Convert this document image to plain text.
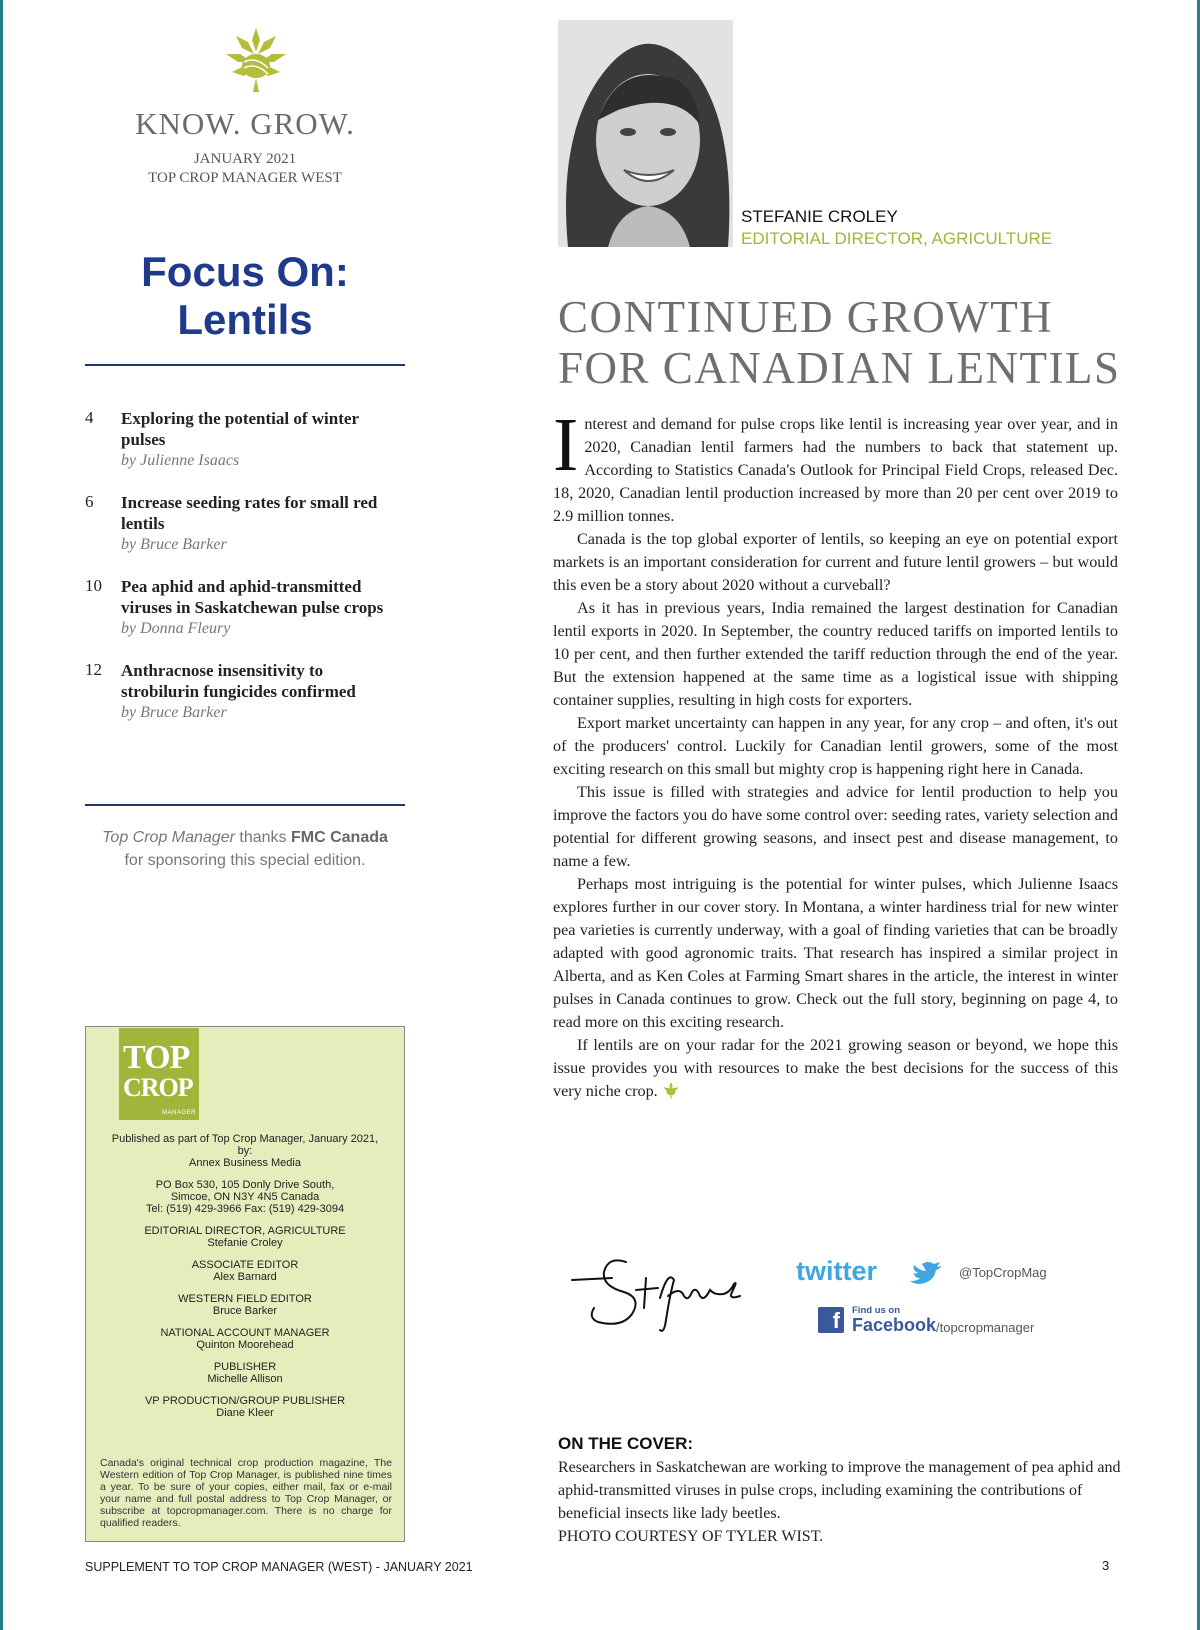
KNOW. GROW.
JANUARY 2021
TOP CROP MANAGER WEST
Focus On:
Lentils
4 Exploring the potential of winter pulses
by Julienne Isaacs
6 Increase seeding rates for small red lentils
by Bruce Barker
10 Pea aphid and aphid-transmitted viruses in Saskatchewan pulse crops
by Donna Fleury
12 Anthracnose insensitivity to strobilurin fungicides confirmed
by Bruce Barker
Top Crop Manager thanks FMC Canada
for sponsoring this special edition.
TOP
CROP
MANAGER
Published as part of Top Crop Manager, January 2021,
by:
Annex Business Media
PO Box 530, 105 Donly Drive South,
Simcoe, ON N3Y 4N5 Canada
Tel: (519) 429-3966 Fax: (519) 429-3094
EDITORIAL DIRECTOR, AGRICULTURE
Stefanie Croley
ASSOCIATE EDITOR
Alex Barnard
WESTERN FIELD EDITOR
Bruce Barker
NATIONAL ACCOUNT MANAGER
Quinton Moorehead
PUBLISHER
Michelle Allison
VP PRODUCTION/GROUP PUBLISHER
Diane Kleer
Canada's original technical crop production magazine, The Western edition of Top Crop Manager, is published nine times a year. To be sure of your copies, either mail, fax or e-mail your name and full postal address to Top Crop Manager, or subscribe at topcropmanager.com. There is no charge for qualified readers.
SUPPLEMENT TO TOP CROP MANAGER (WEST) - JANUARY 2021	3
STEFANIE CROLEY
EDITORIAL DIRECTOR, AGRICULTURE
CONTINUED GROWTH
FOR CANADIAN LENTILS

Interest and demand for pulse crops like lentil is increasing year over year, and in 2020, Canadian lentil farmers had the numbers to back that statement up. According to Statistics Canada's Outlook for Principal Field Crops, released Dec. 18, 2020, Canadian lentil production increased by more than 20 per cent over 2019 to 2.9 million tonnes.

Canada is the top global exporter of lentils, so keeping an eye on potential export markets is an important consideration for current and future lentil growers – but would this even be a story about 2020 without a curveball?

As it has in previous years, India remained the largest destination for Canadian lentil exports in 2020. In September, the country reduced tariffs on imported lentils to 10 per cent, and then further extended the tariff reduction through the end of the year. But the extension happened at the same time as a logistical issue with shipping container supplies, resulting in high costs for exporters.

Export market uncertainty can happen in any year, for any crop – and often, it's out of the producers' control. Luckily for Canadian lentil growers, some of the most exciting research on this small but mighty crop is happening right here in Canada.

This issue is filled with strategies and advice for lentil production to help you improve the factors you do have some control over: seeding rates, variety selection and potential for different growing seasons, and insect pest and disease management, to name a few.

Perhaps most intriguing is the potential for winter pulses, which Julienne Isaacs explores further in our cover story. In Montana, a winter hardiness trial for new winter pea varieties is currently underway, with a goal of finding varieties that can be broadly adapted with good agronomic traits. That research has inspired a similar project in Alberta, and as Ken Coles at Farming Smart shares in the article, the interest in winter pulses in Canada continues to grow. Check out the full story, beginning on page 4, to read more on this exciting research.

If lentils are on your radar for the 2021 growing season or beyond, we hope this issue provides you with resources to make the best decisions for the success of this very niche crop.

twitter	@TopCropMag
f	Find us on
Facebook /topcropmanager
ON THE COVER:
Researchers in Saskatchewan are working to improve the management of pea aphid and aphid-transmitted viruses in pulse crops, including examining the contributions of beneficial insects like lady beetles.
PHOTO COURTESY OF TYLER WIST.
